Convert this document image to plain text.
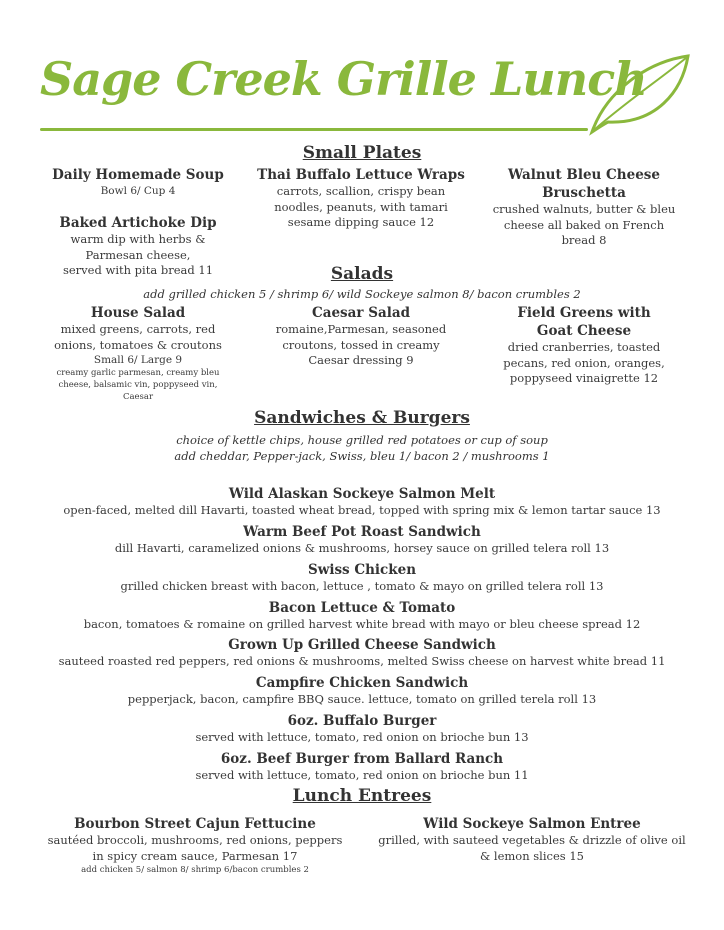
Sage Creek Grille Lunch
Small Plates
Daily Homemade Soup
Bowl 6/ Cup 4
Baked Artichoke Dip
warm dip with herbs &
Parmesan cheese,
served with pita bread 11
Thai Buffalo Lettuce Wraps
carrots, scallion, crispy bean
noodles, peanuts, with tamari
sesame dipping sauce 12
Walnut Bleu Cheese
Bruschetta
crushed walnuts, butter & bleu
cheese all baked on French
bread 8
Salads
add grilled chicken 5 / shrimp 6/ wild Sockeye salmon 8/ bacon crumbles 2
House Salad
mixed greens, carrots, red
onions, tomatoes & croutons
Small 6/ Large 9
creamy garlic parmesan, creamy bleu
cheese, balsamic vin, poppyseed vin,
Caesar
Caesar Salad
romaine,Parmesan, seasoned
croutons, tossed in creamy
Caesar dressing 9
Field Greens with
Goat Cheese
dried cranberries, toasted
pecans, red onion, oranges,
poppyseed vinaigrette 12
Sandwiches & Burgers
choice of kettle chips, house grilled red potatoes or cup of soup
add cheddar, Pepper-jack, Swiss, bleu 1/ bacon 2 / mushrooms 1
Wild Alaskan Sockeye Salmon Melt
open-faced, melted dill Havarti, toasted wheat bread, topped with spring mix & lemon tartar sauce 13
Warm Beef Pot Roast Sandwich
dill Havarti, caramelized onions & mushrooms, horsey sauce on grilled telera roll 13
Swiss Chicken
grilled chicken breast with bacon, lettuce , tomato & mayo on grilled telera roll 13
Bacon Lettuce & Tomato
bacon, tomatoes & romaine on grilled harvest white bread with mayo or bleu cheese spread 12
Grown Up Grilled Cheese Sandwich
sauteed roasted red peppers, red onions & mushrooms, melted Swiss cheese on harvest white bread 11
Campfire Chicken Sandwich
pepperjack, bacon, campfire BBQ sauce. lettuce, tomato on grilled terela roll 13
6oz. Buffalo Burger
served with lettuce, tomato, red onion on brioche bun 13
6oz. Beef Burger from Ballard Ranch
served with lettuce, tomato, red onion on brioche bun 11
Lunch Entrees
Bourbon Street Cajun Fettucine
sautéed broccoli, mushrooms, red onions, peppers
in spicy cream sauce, Parmesan 17
add chicken 5/ salmon 8/ shrimp 6/bacon crumbles 2
Wild Sockeye Salmon Entree
grilled, with sauteed vegetables & drizzle of olive oil
& lemon slices 15
